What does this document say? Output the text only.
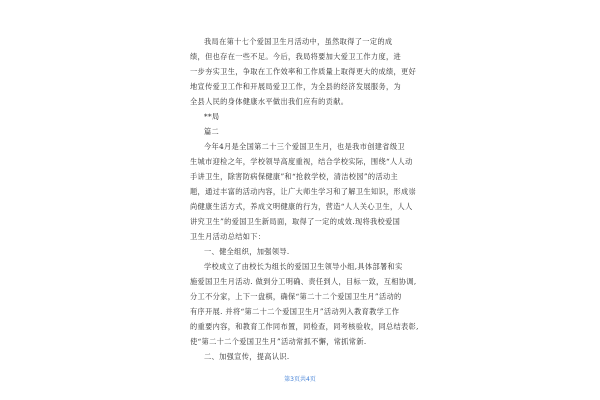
我局在第十七个爱国卫生月活动中，虽然取得了一定的成
绩，但也存在一些不足。今后，我局将要加大爱卫工作力度，进
一步夯实卫生，争取在工作效率和工作质量上取得更大的成绩，更好
地宣传爱卫工作和开展局爱卫工作，为全县的经济发展服务，为
全县人民的身体健康水平做出我们应有的贡献。
**局
篇二
今年4月是全国第二十三个爱国卫生月，也是我市创建省级卫
生城市迎检之年，学校领导高度重视，结合学校实际，围绕“人人动
手讲卫生，除害防病保健康”和“抢救学校，清洁校园”的活动主
题，通过丰富的活动内容，让广大师生学习和了解卫生知识，形成崇
尚健康生活方式，养成文明健康的行为，营造“人人关心卫生，人人
讲究卫生”的爱国卫生新局面，取得了一定的成效.现将我校爱国
卫生月活动总结如下：
一、健全组织，加强领导.
学校成立了由校长为组长的爱国卫生领导小组,具体部署和实
施爱国卫生月活动. 做到分工明确、责任到人，目标一致，互相协调,
分工不分家，上下一盘棋，确保“第二十二个爱国卫生月”活动的
有序开展. 并将“第二十二个爱国卫生月”活动列入教育教学工作
的重要内容，和教育工作同布置，同检查，同考核验收，同总结表彰,
使“第二十二个爱国卫生月”活动常抓不懈，常抓常新.
二、加强宣传，提高认识.
第3页共4页
